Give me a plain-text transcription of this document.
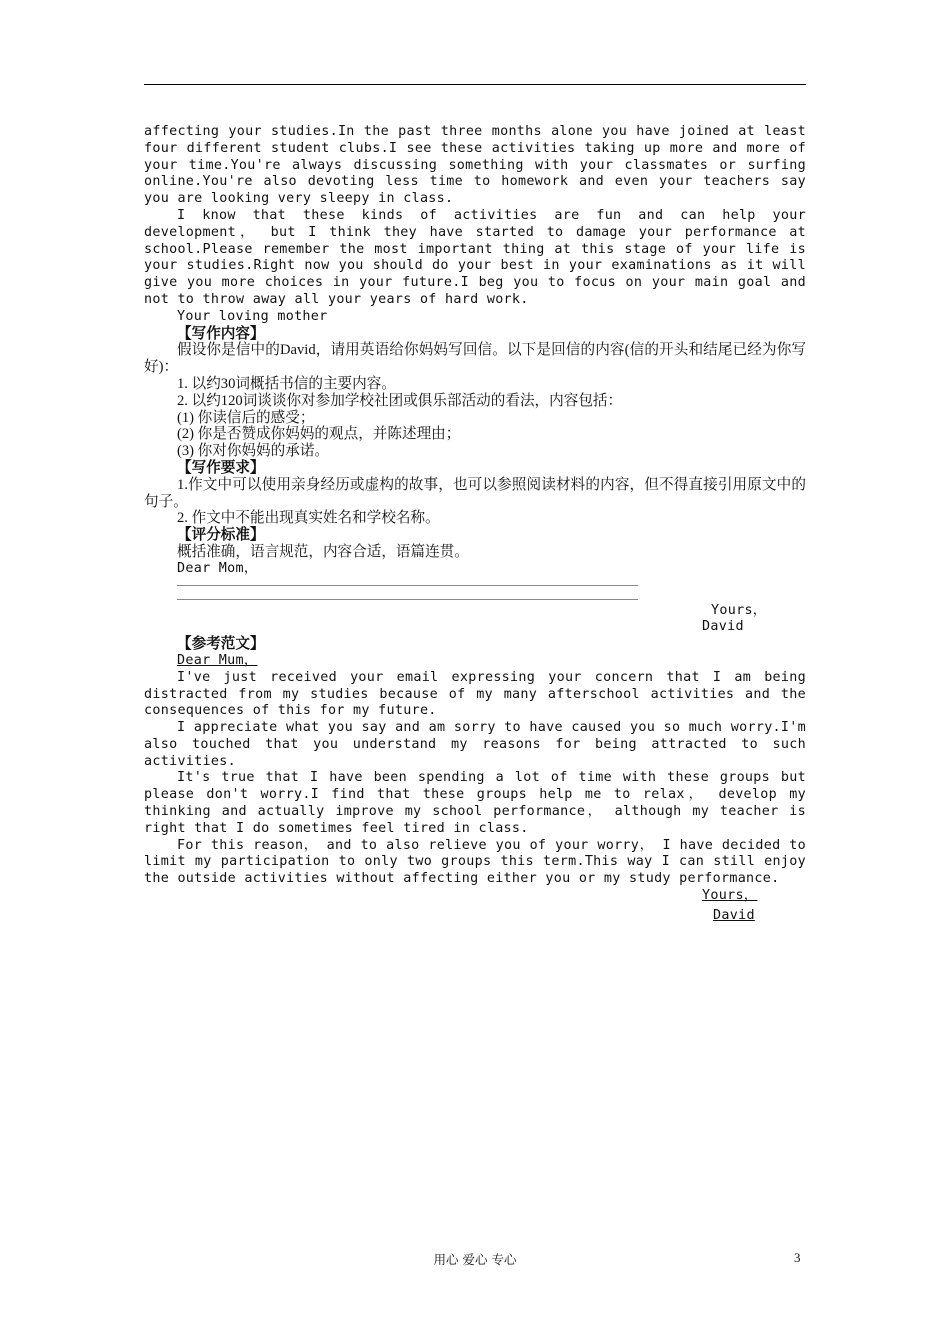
affecting your studies.In the past three months alone you have joined at least four different student clubs.I see these activities taking up more and more of your time.You're always discussing something with your classmates or surfing online.You're also devoting less time to homework and even your teachers say you are looking very sleepy in class.

I know that these kinds of activities are fun and can help your development， but I think they have started to damage your performance at school.Please remember the most important thing at this stage of your life is your studies.Right now you should do your best in your examinations as it will give you more choices in your future.I beg you to focus on your main goal and not to throw away all your years of hard work.

Your loving mother

【写作内容】

假设你是信中的David，请用英语给你妈妈写回信。以下是回信的内容(信的开头和结尾已经为你写好)：

1. 以约30词概括书信的主要内容。

2. 以约120词谈谈你对参加学校社团或俱乐部活动的看法，内容包括：

(1) 你读信后的感受；

(2) 你是否赞成你妈妈的观点，并陈述理由；

(3) 你对你妈妈的承诺。

【写作要求】

1.作文中可以使用亲身经历或虚构的故事，也可以参照阅读材料的内容，但不得直接引用原文中的句子。

2. 作文中不能出现真实姓名和学校名称。

【评分标准】

概括准确，语言规范，内容合适，语篇连贯。

Dear Mom，

Yours，

David

【参考范文】

Dear Mum，

I've just received your email expressing your concern that I am being distracted from my studies because of my many afterschool activities and the consequences of this for my future.

I appreciate what you say and am sorry to have caused you so much worry.I'm also touched that you understand my reasons for being attracted to such activities.

It's true that I have been spending a lot of time with these groups but please don't worry.I find that these groups help me to relax， develop my thinking and actually improve my school performance， although my teacher is right that I do sometimes feel tired in class.

For this reason， and to also relieve you of your worry， I have decided to limit my participation to only two groups this term.This way I can still enjoy the outside activities without affecting either you or my study performance.

Yours，

David

用心 爱心 专心	3
